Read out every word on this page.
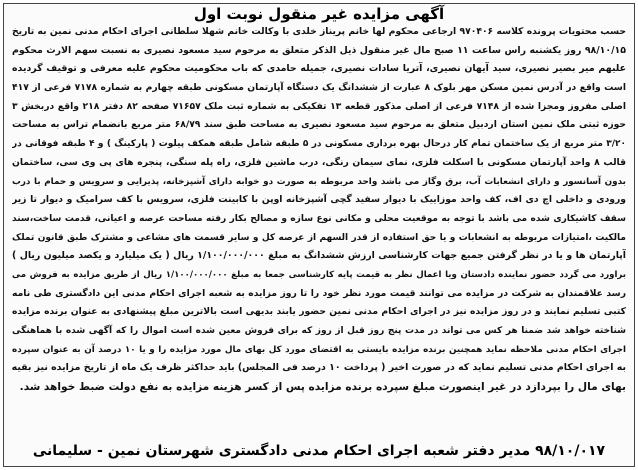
آگهی مزایده غیر منقول نوبت اول
حسب محتویات پرونده کلاسه ۹۷۰۴۰۶ ارجاعی محکوم لها خانم پریناز خلدی با وکالت خانم شهلا سلطانی اجرای احکام مدنی نمین به تاریخ
۹۸/۱۰/۱۵ روز یکشنبه راس ساعت ۱۱ صبح مال غیر منقول ذیل الذکر متعلق به مرحوم سید مسعود نصیری به نسبت سهم الارث محکوم
علیهم میر بصیر نصیری، سید آیهان نصیری، آتریا سادات نصیری، جمیله حامدی که باب محکومیت محکوم علیه معرفی و توقیف گردیده
است واقع در آدرس نمین مسکن مهر بلوک ۸ عبارت از ششدانگ یک دستگاه آپارتمان مسکونی طبقه چهارم به شماره ۷۱۷۸ فرعی از ۴۱۷
اصلی مفروز ومجزا شده از ۷۱۴۸ فرعی از اصلی مذکور قطعه ۱۳ تفکیکی به شماره ثبت ملک ۷۱۶۵۷ صفحه ۸۲ دفتر ۲۱۸ واقع دربخش ۳
حوزه ثبتی ملک نمین استان اردبیل متعلق به مرحوم سید مسعود نصیری به مساحت طبق سند ۶۸/۷۹ متر مربع بانضمام تراس به مساحت
۳/۲۰ متر مربع از یک ساختمان تمام کار درحال بهره برداری مسکونی در ۵ طبقه شامل طبقه همکف پیلوت ( پارکینگ ) و ۴ طبقه فوقانی در
قالب ۸ واحد آپارتمان مسکونی با اسکلت فلزی، نمای سیمان رنگی، درب ماشین فلزی، راه پله سنگی، پنجره های پی وی سی، ساختمان
بدون آسانسور و دارای انشعابات آب، برق وگاز می باشد واحد مربوطه به صورت دو خوابه دارای آشپزخانه، پذیرایی و سرویس و حمام با درب
ورودی و داخلی اچ دی اف، کف واحد موزاییک با دیوار سفید گچی آشپزخانه اوپن با کابینت فلزی، سرویس با کف سرامیک و دیوار تا زیر
سقف کاشیکاری شده می باشد با توجه به موقعیت محلی و مکانی نوع سازه و مصالح بکار رفته مساحت عرصه و اعیانی، قدمت ساخت،سند
مالکیت ،امتیازات مربوطه به انشعابات و یا حق استفاده از قدر السهم از عرصه کل و سایر قسمت های مشاعی و مشترک طبق قانون تملک
آپارتمان ها و یا در نظر گرفتن جمیع جهات کارشناسی ارزش ششدانگ به مبلغ ۱/۱۰۰/۰۰۰/۰۰۰ ریال ( یک میلیارد و یکصد میلیون ریال )
براورد می گردد حضور نماینده دادستان ویا اعمال نظر به قیمت پایه کارشناسی جمعا به مبلغ ۱/۱۰۰/۰۰۰/۰۰۰ ریال از طریق مزایده به فروش می
رسد علاقمندان به شرکت در مزایده می توانند قیمت مورد نظر خود را تا روز مزایده به شعبه اجرای احکام مدنی این دادگستری طی نامه
کتبی تسلیم نمایند و در روز مزایده نیز در اجرای احکام مدنی نمین حضور یابند بدیهی است بالاترین مبلغ پیشنهادی به عنوان برنده مزایده
شناخته خواهد شد ضمنا هر کس می تواند در مدت پنج روز قبل از روز که برای فروش معین شده است اموال را که آگهی شده با هماهنگی
اجرای احکام مدنی ملاحظه نماید همچنین برنده مزایده بایستی به اقتضای مورد کل بهای مال مورد مزایده را و یا ۱۰ درصد آن به عنوان سپرده
به اجرای احکام مدنی تسلیم نماید که در صورت اخیر ( پرداخت ۱۰ درصد فی المجلس) باید حداکثر ظرف یک ماه از تاریخ مزایده نیز بقیه
بهای مال را بپردازد در غیر اینصورت مبلغ سپرده برنده مزایده پس از کسر هزینه مزایده به نفع دولت ضبط خواهد شد.
۹۸/۱۰/۰۱۷ مدیر دفتر شعبه اجرای احکام مدنی دادگستری شهرستان نمین - سلیمانی
